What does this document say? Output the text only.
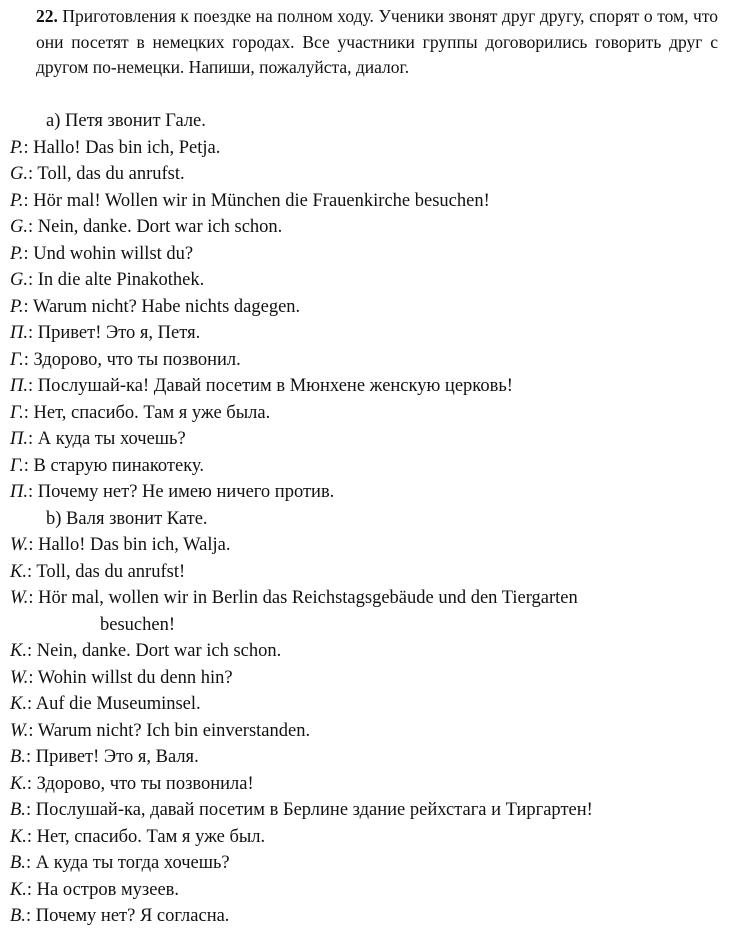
22. Приготовления к поездке на полном ходу. Ученики звонят друг другу, спорят о том, что они посетят в немецких городах. Все участники группы договорились говорить друг с другом по-немецки. Напиши, пожалуйста, диалог.
а) Петя звонит Гале.
P.: Hallo! Das bin ich, Petja.
G.: Toll, das du anrufst.
P.: Hör mal! Wollen wir in München die Frauenkirche besuchen!
G.: Nein, danke. Dort war ich schon.
P.: Und wohin willst du?
G.: In die alte Pinakothek.
P.: Warum nicht? Habe nichts dagegen.
П.: Привет! Это я, Петя.
Г.: Здорово, что ты позвонил.
П.: Послушай-ка! Давай посетим в Мюнхене женскую церковь!
Г.: Нет, спасибо. Там я уже была.
П.: А куда ты хочешь?
Г.: В старую пинакотеку.
П.: Почему нет? Не имею ничего против.
b) Валя звонит Кате.
W.: Hallo! Das bin ich, Walja.
K.: Toll, das du anrufst!
W.: Hör mal, wollen wir in Berlin das Reichstagsgebäude und den Tiergarten
besuchen!
K.: Nein, danke. Dort war ich schon.
W.: Wohin willst du denn hin?
K.: Auf die Museuminsel.
W.: Warum nicht? Ich bin einverstanden.
В.: Привет! Это я, Валя.
К.: Здорово, что ты позвонила!
В.: Послушай-ка, давай посетим в Берлине здание рейхстага и Тиргартен!
К.: Нет, спасибо. Там я уже был.
В.: А куда ты тогда хочешь?
К.: На остров музеев.
В.: Почему нет? Я согласна.
